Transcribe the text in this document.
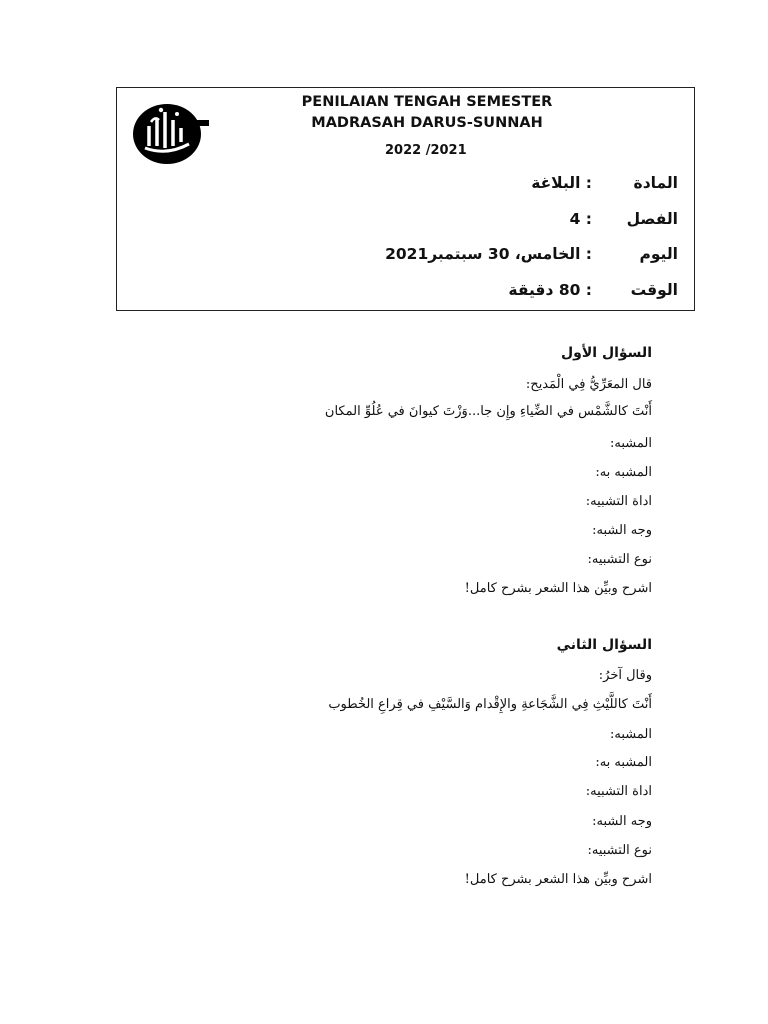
PENILAIAN TENGAH SEMESTER
MADRASAH DARUS-SUNNAH
2022 /2021
المادة
: البلاغة
الفصل
: 4
اليوم
: الخامس، 30 سبتمبر2021
الوقت
: 80 دقيقة
السؤال الأول
قال المعَرِّيُّ فِي الْمَديح:
أَنْتَ كالشَّمْس في الضِّياءِ وإِن جا...وَزْتَ كيوانَ في عُلُوِّ المكان
المشبه:
المشبه به:
اداة التشبيه:
وجه الشبه:
نوع التشبيه:
اشرح وبيِّن هذا الشعر بشرح كامل!
السؤال الثاني
وقال آخرُ:
أَنْتَ كاللَّيْثِ فِي الشَّجَاعةِ والإِقْدام وَالسَّيْفِ في قِراعِ الخُطوب
المشبه:
المشبه به:
اداة التشبيه:
وجه الشبه:
نوع التشبيه:
اشرح وبيِّن هذا الشعر بشرح كامل!
